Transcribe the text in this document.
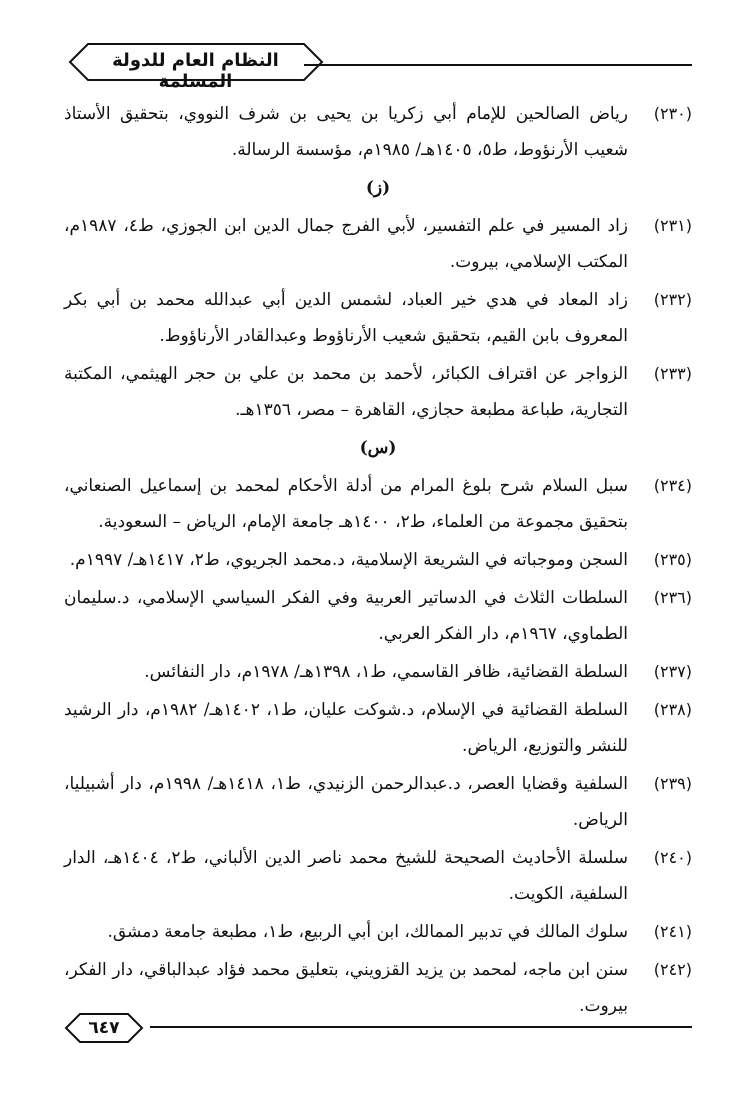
النظام العام للدولة المسلمة
(٢٣٠)
رياض الصالحين للإمام أبي زكريا بن يحيى بن شرف النووي، بتحقيق الأستاذ شعيب الأرنؤوط، ط٥، ١٤٠٥هـ/ ١٩٨٥م، مؤسسة الرسالة.
(ز)
(٢٣١)
زاد المسير في علم التفسير، لأبي الفرج جمال الدين ابن الجوزي، ط٤، ١٩٨٧م، المكتب الإسلامي، بيروت.
(٢٣٢)
زاد المعاد في هدي خير العباد، لشمس الدين أبي عبدالله محمد بن أبي بكر المعروف بابن القيم، بتحقيق شعيب الأرناؤوط وعبدالقادر الأرناؤوط.
(٢٣٣)
الزواجر عن اقتراف الكبائر، لأحمد بن محمد بن علي بن حجر الهيثمي، المكتبة التجارية، طباعة مطبعة حجازي، القاهرة – مصر، ١٣٥٦هـ.
(س)
(٢٣٤)
سبل السلام شرح بلوغ المرام من أدلة الأحكام لمحمد بن إسماعيل الصنعاني، بتحقيق مجموعة من العلماء، ط٢، ١٤٠٠هـ جامعة الإمام، الرياض – السعودية.
(٢٣٥)
السجن وموجباته في الشريعة الإسلامية، د.محمد الجريوي، ط٢، ١٤١٧هـ/ ١٩٩٧م.
(٢٣٦)
السلطات الثلاث في الدساتير العربية وفي الفكر السياسي الإسلامي، د.سليمان الطماوي، ١٩٦٧م، دار الفكر العربي.
(٢٣٧)
السلطة القضائية، ظافر القاسمي، ط١، ١٣٩٨هـ/ ١٩٧٨م، دار النفائس.
(٢٣٨)
السلطة القضائية في الإسلام، د.شوكت عليان، ط١، ١٤٠٢هـ/ ١٩٨٢م، دار الرشيد للنشر والتوزيع، الرياض.
(٢٣٩)
السلفية وقضايا العصر، د.عبدالرحمن الزنيدي، ط١، ١٤١٨هـ/ ١٩٩٨م، دار أشبيليا، الرياض.
(٢٤٠)
سلسلة الأحاديث الصحيحة للشيخ محمد ناصر الدين الألباني، ط٢، ١٤٠٤هـ، الدار السلفية، الكويت.
(٢٤١)
سلوك المالك في تدبير الممالك، ابن أبي الربيع، ط١، مطبعة جامعة دمشق.
(٢٤٢)
سنن ابن ماجه، لمحمد بن يزيد القزويني، بتعليق محمد فؤاد عبدالباقي، دار الفكر، بيروت.
٦٤٧
